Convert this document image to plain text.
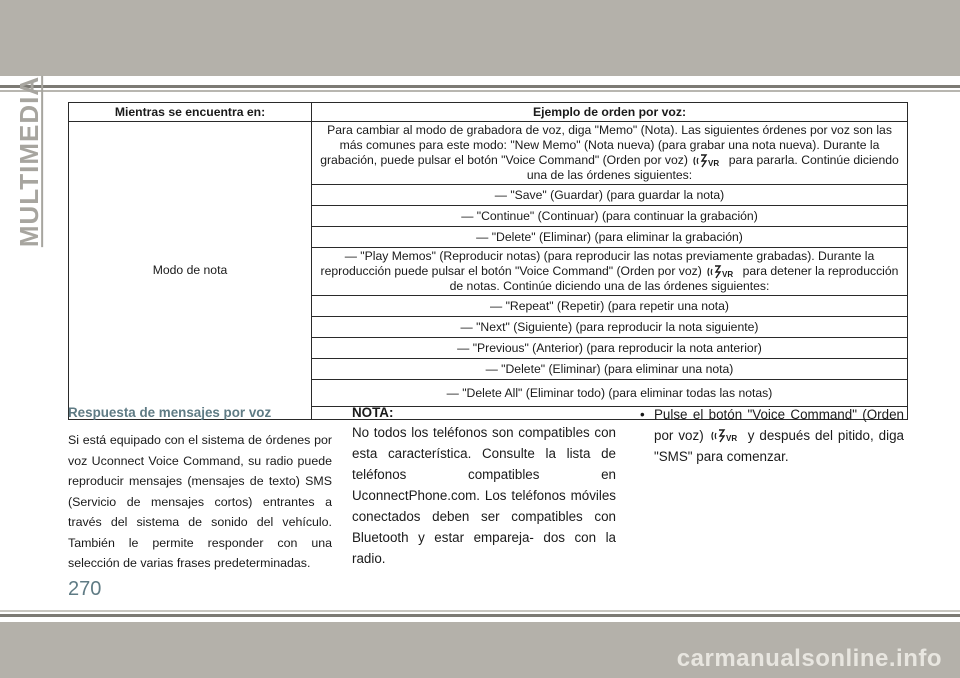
MULTIMEDIA	Mientras se encuentra en:	Ejemplo de orden por voz:
Modo de nota	Para cambiar al modo de grabadora de voz, diga "Memo" (Nota). Las siguientes órdenes por voz son las más comunes para este modo: "New Memo" (Nota nueva) (para grabar una nota nueva). Durante la grabación, puede pulsar el botón "Voice Command" (Orden por voz) VR para pararla. Continúe diciendo una de las órdenes siguientes:
	— "Save" (Guardar) (para guardar la nota)
	— "Continue" (Continuar) (para continuar la grabación)
	— "Delete" (Eliminar) (para eliminar la grabación)
	— "Play Memos" (Reproducir notas) (para reproducir las notas previamente grabadas). Durante la reproducción puede pulsar el botón "Voice Command" (Orden por voz) VR para detener la reproducción de notas. Continúe diciendo una de las órdenes siguientes:
	— "Repeat" (Repetir) (para repetir una nota)
	— "Next" (Siguiente) (para reproducir la nota siguiente)
	— "Previous" (Anterior) (para reproducir la nota anterior)
	— "Delete" (Eliminar) (para eliminar una nota)
	— "Delete All" (Eliminar todo) (para eliminar todas las notas)

Respuesta de mensajes por voz

Si está equipado con el sistema de órdenes por voz Uconnect Voice Command, su radio puede reproducir mensajes (mensajes de texto) SMS (Servicio de mensajes cortos) entrantes a través del sistema de sonido del vehículo. También le permite responder con una selección de varias frases predeterminadas.

NOTA:

No todos los teléfonos son compatibles con esta característica. Consulte la lista de teléfonos compatibles en UconnectPhone.com. Los teléfonos móviles conectados deben ser compatibles con Bluetooth y estar empareja- dos con la radio.

• Pulse el botón "Voice Command" (Orden por voz)	VR y después del pitido, diga "SMS" para comenzar.

270
carmanualsonline.info
